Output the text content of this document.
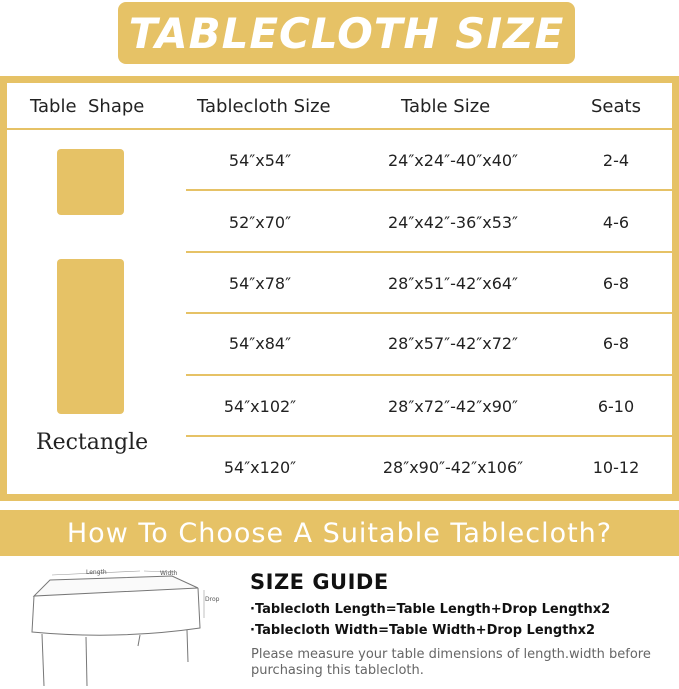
TABLECLOTH SIZE
Table  Shape	Tablecloth Size	Table Size	Seats
Rectangle
54″x54″	24″x24″-40″x40″	2-4
52″x70″	24″x42″-36″x53″	4-6
54″x78″	28″x51″-42″x64″	6-8
54″x84″	28″x57″-42″x72″	6-8
54″x102″	28″x72″-42″x90″	6-10
54″x120″	28″x90″-42″x106″	10-12
How To Choose A Suitable Tablecloth?
Length	Width
Drop
SIZE GUIDE
·Tablecloth Length=Table Length+Drop Lengthx2
·Tablecloth Width=Table Width+Drop Lengthx2
Please measure your table dimensions of length.width before purchasing this tablecloth.
